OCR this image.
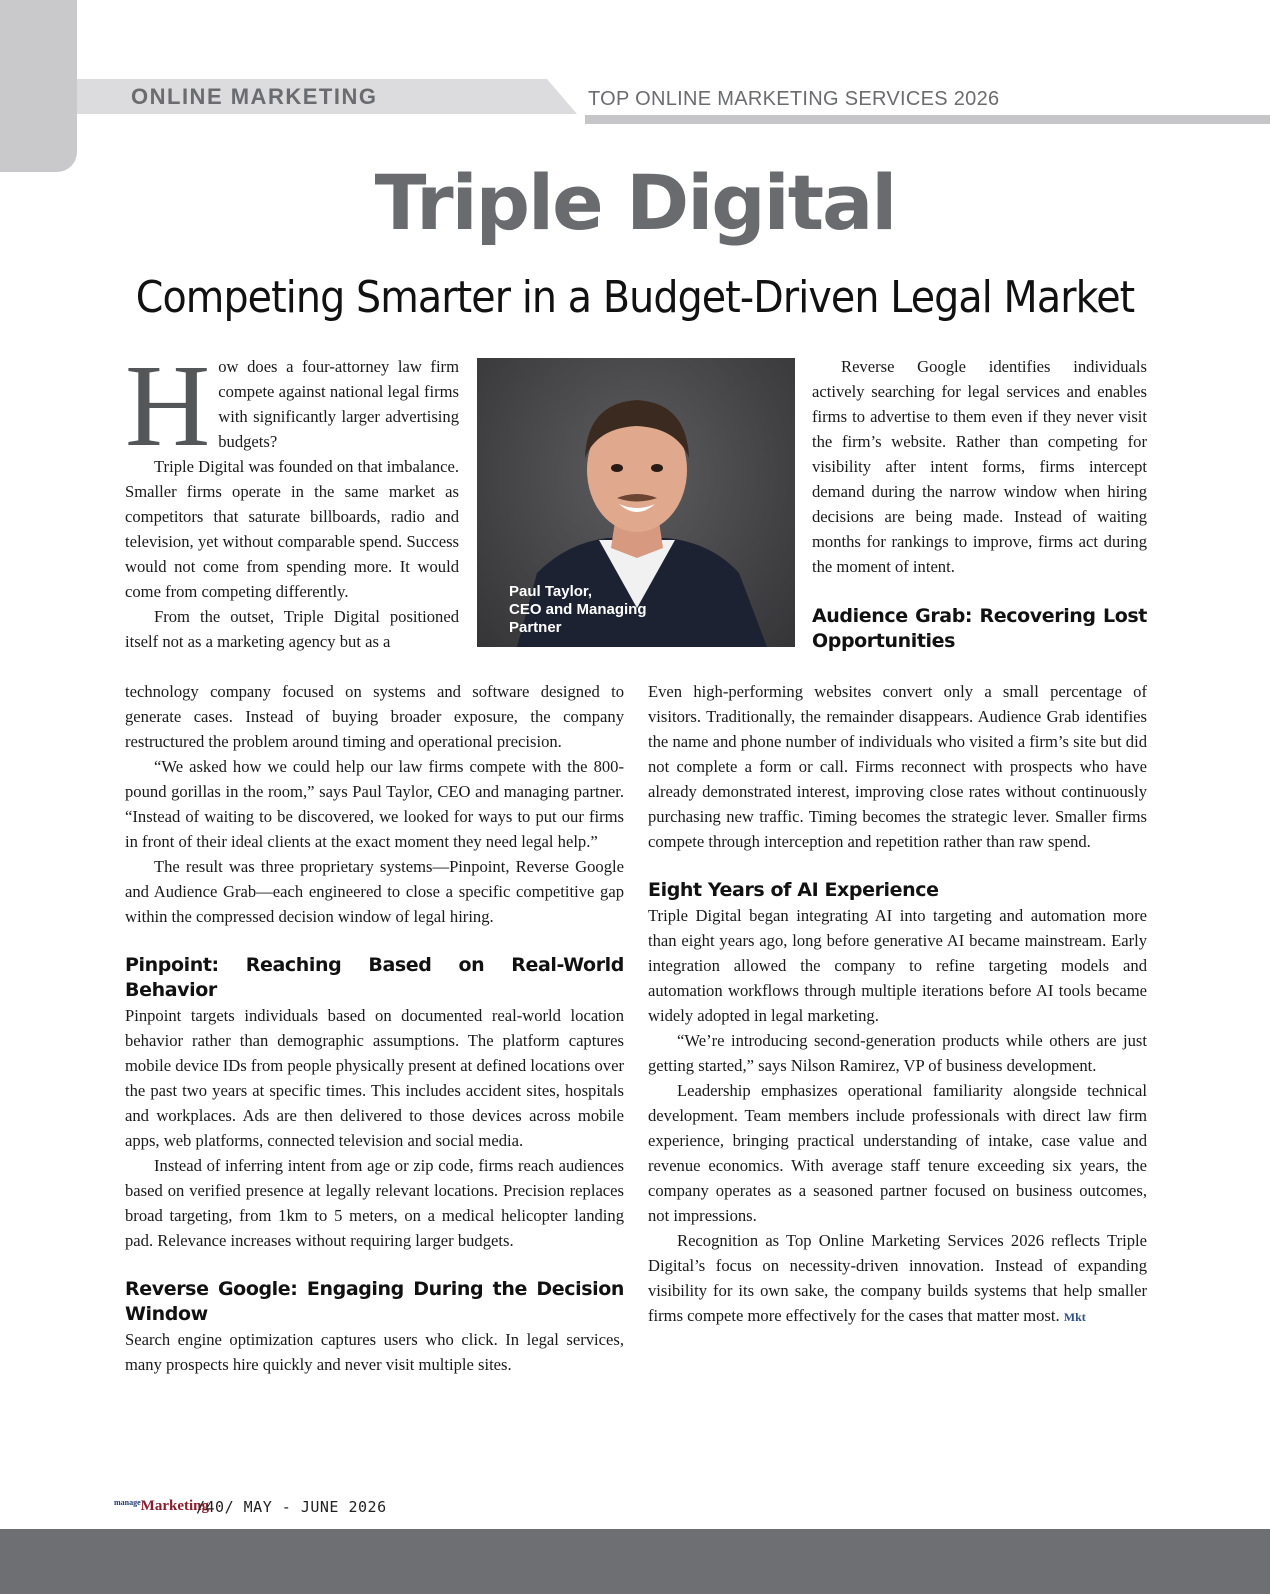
ONLINE MARKETING	TOP ONLINE MARKETING SERVICES 2026
Triple Digital
Competing Smarter in a Budget-Driven Legal Market

How does a four-attorney law firm compete against national legal firms with significantly larger advertising budgets?

Triple Digital was founded on that imbalance. Smaller firms operate in the same market as competitors that saturate billboards, radio and television, yet without comparable spend. Success would not come from spending more. It would come from competing differently.

From the outset, Triple Digital positioned itself not as a marketing agency but as a

Paul Taylor,
CEO and Managing
Partner

Reverse Google identifies individuals actively searching for legal services and enables firms to advertise to them even if they never visit the firm’s website. Rather than competing for visibility after intent forms, firms intercept demand during the narrow window when hiring decisions are being made. Instead of waiting months for rankings to improve, firms act during the moment of intent.

Audience Grab: Recovering Lost Opportunities

technology company focused on systems and software designed to generate cases. Instead of buying broader exposure, the company restructured the problem around timing and operational precision.

“We asked how we could help our law firms compete with the 800-pound gorillas in the room,” says Paul Taylor, CEO and managing partner. “Instead of waiting to be discovered, we looked for ways to put our firms in front of their ideal clients at the exact moment they need legal help.”

The result was three proprietary systems—Pinpoint, Reverse Google and Audience Grab—each engineered to close a specific competitive gap within the compressed decision window of legal hiring.

Pinpoint: Reaching Based on Real-World Behavior

Pinpoint targets individuals based on documented real-world location behavior rather than demographic assumptions. The platform captures mobile device IDs from people physically present at defined locations over the past two years at specific times. This includes accident sites, hospitals and workplaces. Ads are then delivered to those devices across mobile apps, web platforms, connected television and social media.

Instead of inferring intent from age or zip code, firms reach audiences based on verified presence at legally relevant locations. Precision replaces broad targeting, from 1km to 5 meters, on a medical helicopter landing pad. Relevance increases without requiring larger budgets.

Reverse Google: Engaging During the Decision Window

Search engine optimization captures users who click. In legal services, many prospects hire quickly and never visit multiple sites.

Even high-performing websites convert only a small percentage of visitors. Traditionally, the remainder disappears. Audience Grab identifies the name and phone number of individuals who visited a firm’s site but did not complete a form or call. Firms reconnect with prospects who have already demonstrated interest, improving close rates without continuously purchasing new traffic. Timing becomes the strategic lever. Smaller firms compete through interception and repetition rather than raw spend.

Eight Years of AI Experience

Triple Digital began integrating AI into targeting and automation more than eight years ago, long before generative AI became mainstream. Early integration allowed the company to refine targeting models and automation workflows through multiple iterations before AI tools became widely adopted in legal marketing.

“We’re introducing second-generation products while others are just getting started,” says Nilson Ramirez, VP of business development.

Leadership emphasizes operational familiarity alongside technical development. Team members include professionals with direct law firm experience, bringing practical understanding of intake, case value and revenue economics. With average staff tenure exceeding six years, the company operates as a seasoned partner focused on business outcomes, not impressions.

Recognition as Top Online Marketing Services 2026 reflects Triple Digital’s focus on necessity-driven innovation. Instead of expanding visibility for its own sake, the company builds systems that help smaller firms compete more effectively for the cases that matter most. Mkt

$^{manage}$Marketing
/40/ MAY - JUNE 2026
